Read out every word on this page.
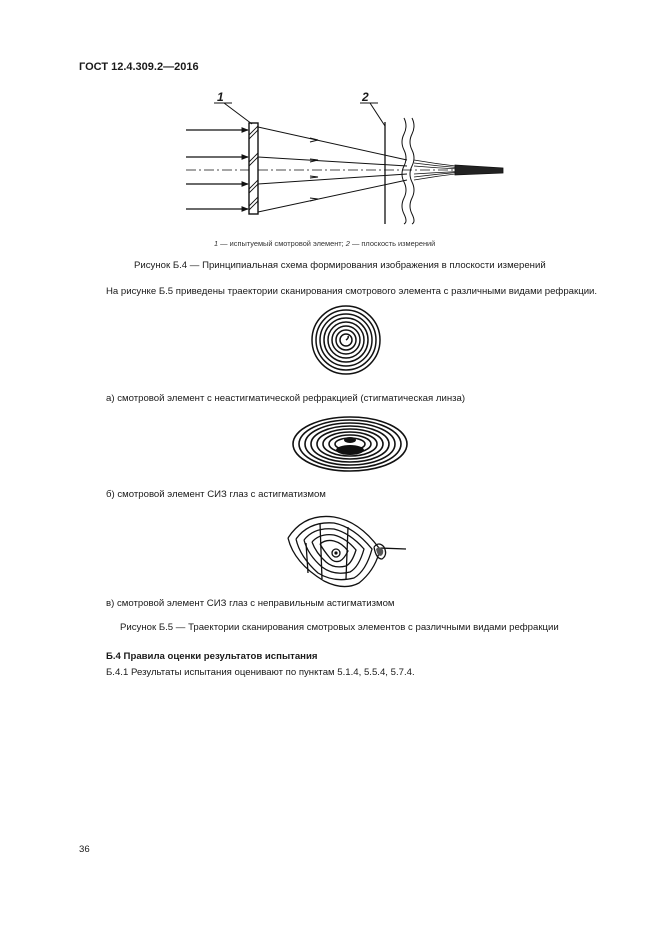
ГОСТ 12.4.309.2—2016
1	2
1 — испытуемый смотровой элемент; 2 — плоскость измерений
Рисунок Б.4 — Принципиальная схема формирования изображения в плоскости измерений
На рисунке Б.5 приведены траектории сканирования смотрового элемента с различными видами рефракции.
а) смотровой элемент с неастигматической рефракцией (стигматическая линза)
б) смотровой элемент СИЗ глаз с астигматизмом
в) смотровой элемент СИЗ глаз с неправильным астигматизмом
Рисунок Б.5 — Траектории сканирования смотровых элементов с различными видами рефракции
Б.4 Правила оценки результатов испытания
Б.4.1 Результаты испытания оценивают по пунктам 5.1.4, 5.5.4, 5.7.4.
36
